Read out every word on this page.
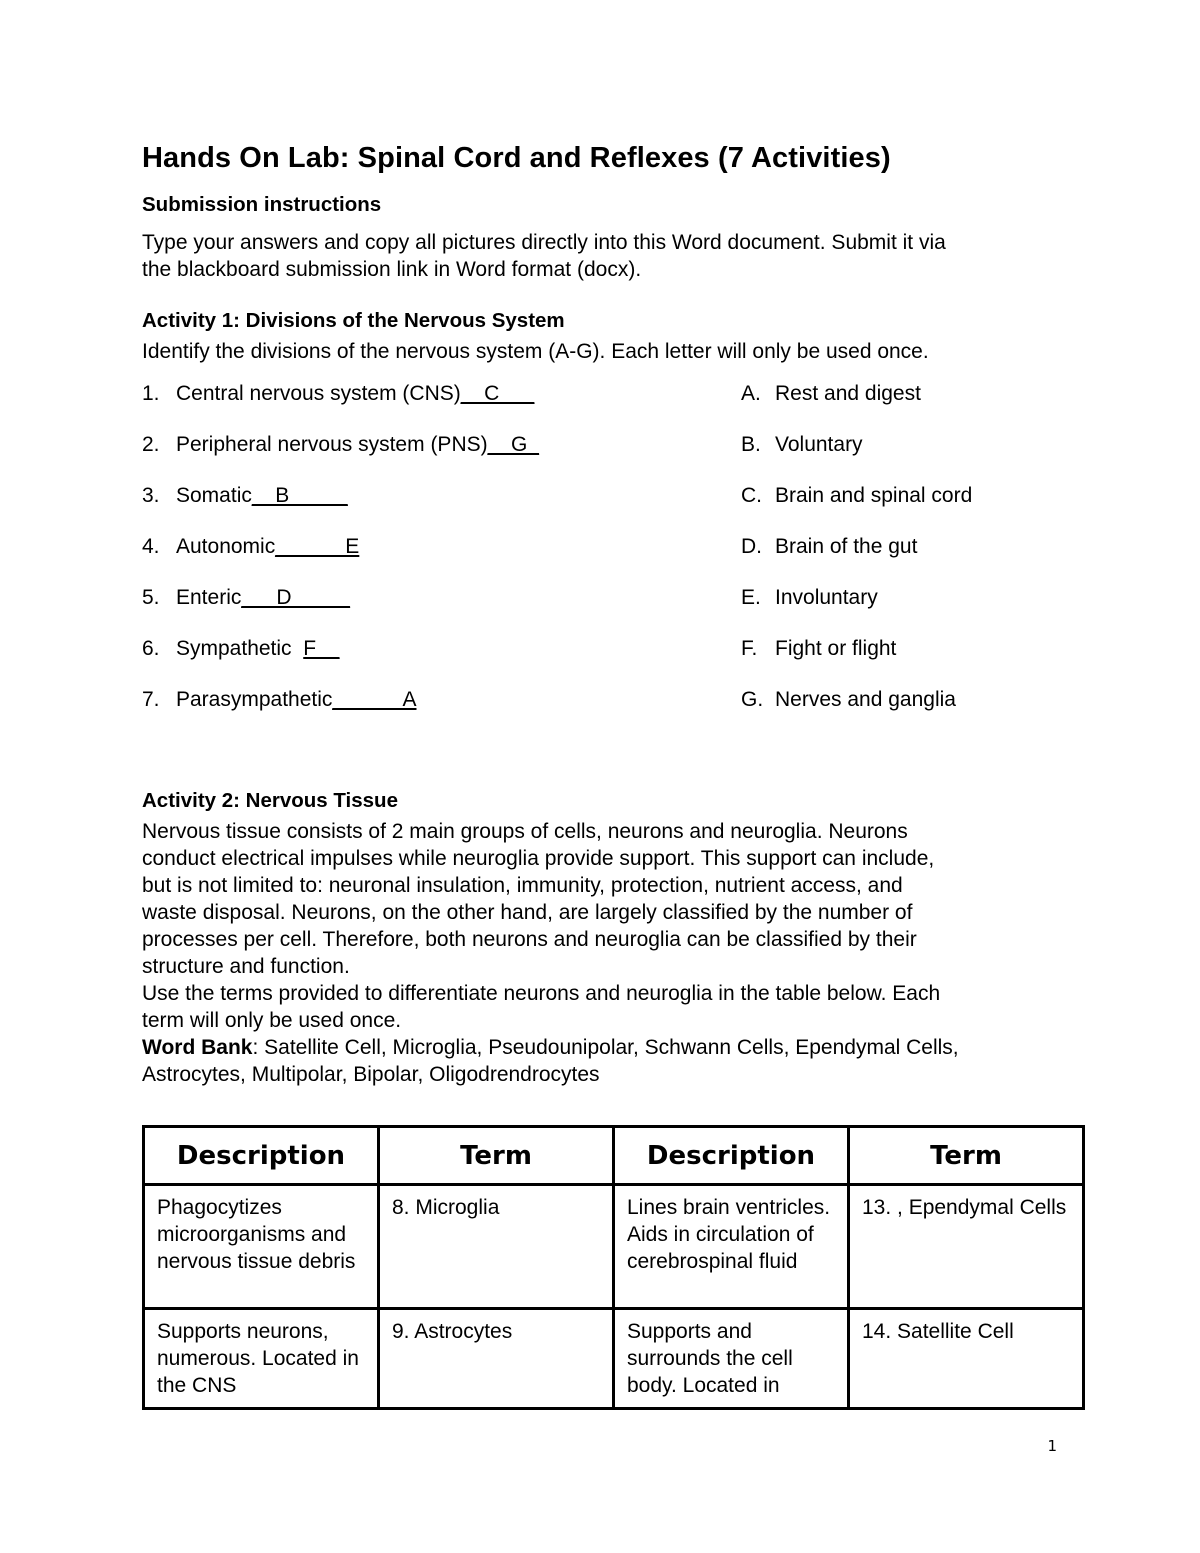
Hands On Lab: Spinal Cord and Reflexes (7 Activities)
Submission instructions
Type your answers and copy all pictures directly into this Word document. Submit it via
the blackboard submission link in Word format (docx).
Activity 1: Divisions of the Nervous System
Identify the divisions of the nervous system (A-G). Each letter will only be used once.
1. Central nervous system (CNS)__C___
2. Peripheral nervous system (PNS)__G_
3. Somatic__B_____
4. Autonomic______E
5. Enteric___D_____
6. Sympathetic  F__
7. Parasympathetic______A
A. Rest and digest
B. Voluntary
C. Brain and spinal cord
D. Brain of the gut
E. Involuntary
F. Fight or flight
G. Nerves and ganglia
Activity 2: Nervous Tissue
Nervous tissue consists of 2 main groups of cells, neurons and neuroglia. Neurons
conduct electrical impulses while neuroglia provide support. This support can include,
but is not limited to: neuronal insulation, immunity, protection, nutrient access, and
waste disposal. Neurons, on the other hand, are largely classified by the number of
processes per cell. Therefore, both neurons and neuroglia can be classified by their
structure and function.
Use the terms provided to differentiate neurons and neuroglia in the table below. Each
term will only be used once.
Word Bank: Satellite Cell, Microglia, Pseudounipolar, Schwann Cells, Ependymal Cells,
Astrocytes, Multipolar, Bipolar, Oligodrendrocytes
Description	Term	Description	Term
Phagocytizes microorganisms and nervous tissue debris	8. Microglia	Lines brain ventricles. Aids in circulation of cerebrospinal fluid	13. , Ependymal Cells
Supports neurons, numerous. Located in the CNS	9. Astrocytes	Supports and surrounds the cell body. Located in	14. Satellite Cell
1
